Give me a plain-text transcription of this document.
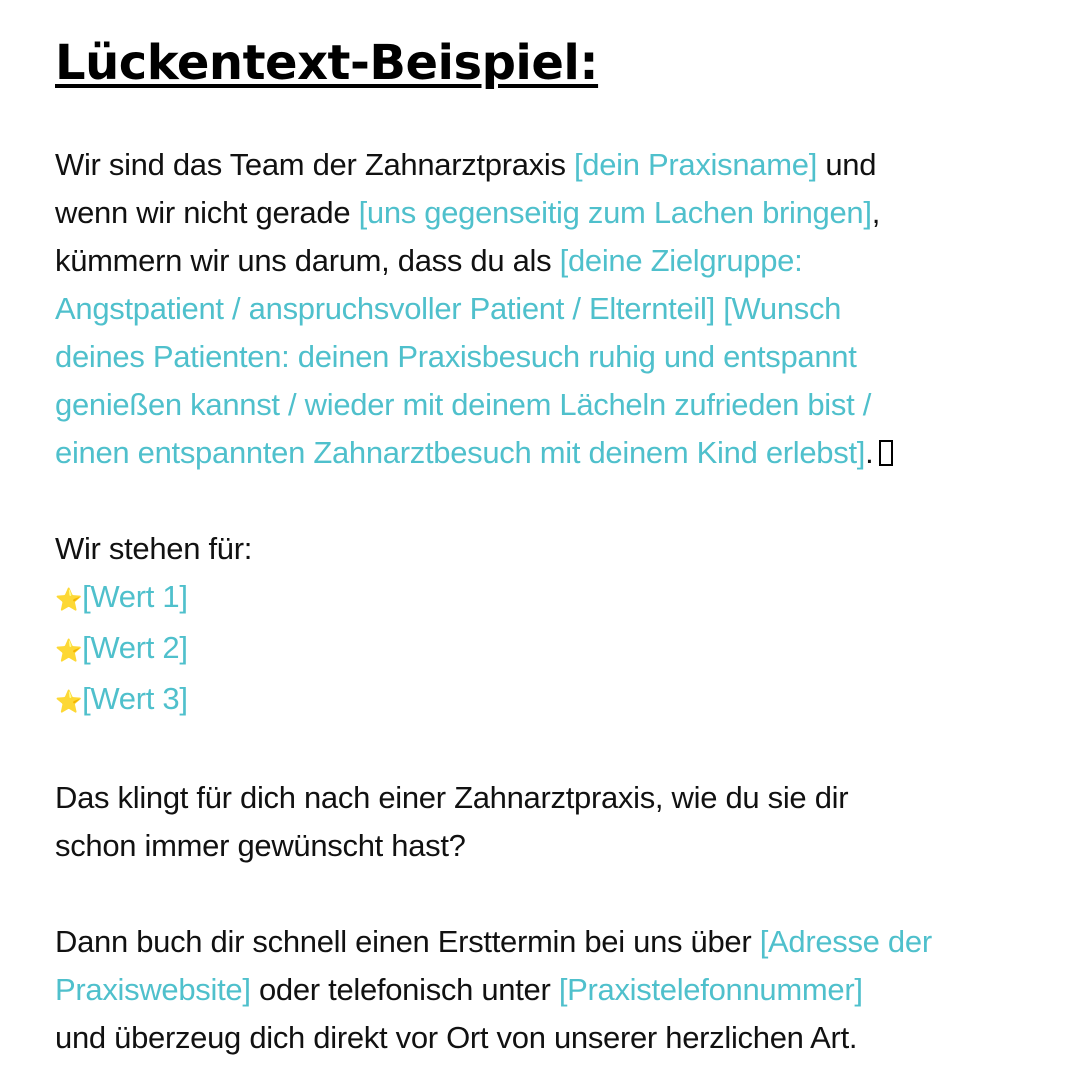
Lückentext-Beispiel:

Wir sind das Team der Zahnarztpraxis [dein Praxisname] und
wenn wir nicht gerade [uns gegenseitig zum Lachen bringen],
kümmern wir uns darum, dass du als [deine Zielgruppe:
Angstpatient / anspruchsvoller Patient / Elternteil] [Wunsch
deines Patienten: deinen Praxisbesuch ruhig und entspannt
genießen kannst / wieder mit deinem Lächeln zufrieden bist /
einen entspannten Zahnarztbesuch mit deinem Kind erlebst].

Wir stehen für:
⭐[Wert 1]
⭐[Wert 2]
⭐[Wert 3]

Das klingt für dich nach einer Zahnarztpraxis, wie du sie dir
schon immer gewünscht hast?

Dann buch dir schnell einen Ersttermin bei uns über [Adresse der
Praxiswebsite] oder telefonisch unter [Praxistelefonnummer]
und überzeug dich direkt vor Ort von unserer herzlichen Art.
